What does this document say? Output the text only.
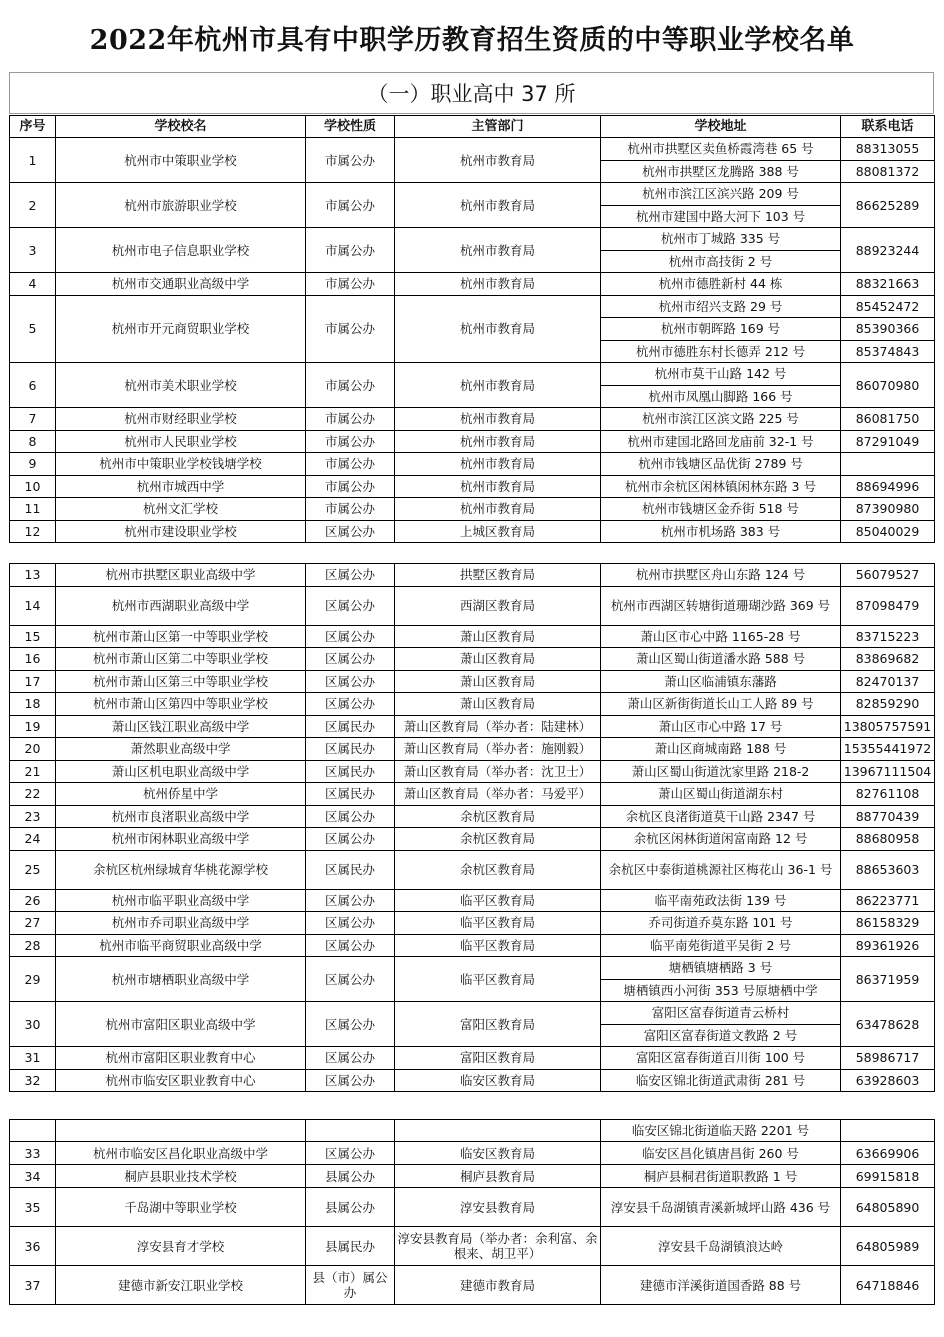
2022年杭州市具有中职学历教育招生资质的中等职业学校名单
（一）职业高中 37 所
序号	学校校名	学校性质	主管部门	学校地址	联系电话
1	杭州市中策职业学校	市属公办	杭州市教育局	杭州市拱墅区卖鱼桥霞湾巷 65 号	88313055
				杭州市拱墅区龙腾路 388 号	88081372
2	杭州市旅游职业学校	市属公办	杭州市教育局	杭州市滨江区滨兴路 209 号	86625289
				杭州市建国中路大河下 103 号	
3	杭州市电子信息职业学校	市属公办	杭州市教育局	杭州市丁城路 335 号	88923244
				杭州市高技街 2 号	
4	杭州市交通职业高级中学	市属公办	杭州市教育局	杭州市德胜新村 44 栋	88321663
5	杭州市开元商贸职业学校	市属公办	杭州市教育局	杭州市绍兴支路 29 号	85452472
				杭州市朝晖路 169 号	85390366
				杭州市德胜东村长德弄 212 号	85374843
6	杭州市美术职业学校	市属公办	杭州市教育局	杭州市莫干山路 142 号	86070980
				杭州市凤凰山脚路 166 号	
7	杭州市财经职业学校	市属公办	杭州市教育局	杭州市滨江区滨文路 225 号	86081750
8	杭州市人民职业学校	市属公办	杭州市教育局	杭州市建国北路回龙庙前 32-1 号	87291049
9	杭州市中策职业学校钱塘学校	市属公办	杭州市教育局	杭州市钱塘区品优街 2789 号	
10	杭州市城西中学	市属公办	杭州市教育局	杭州市余杭区闲林镇闲林东路 3 号	88694996
11	杭州文汇学校	市属公办	杭州市教育局	杭州市钱塘区金乔街 518 号	87390980
12	杭州市建设职业学校	区属公办	上城区教育局	杭州市机场路 383 号	85040029
13	杭州市拱墅区职业高级中学	区属公办	拱墅区教育局	杭州市拱墅区舟山东路 124 号	56079527
14	杭州市西湖职业高级中学	区属公办	西湖区教育局	杭州市西湖区转塘街道珊瑚沙路 369 号	87098479
15	杭州市萧山区第一中等职业学校	区属公办	萧山区教育局	萧山区市心中路 1165-28 号	83715223
16	杭州市萧山区第二中等职业学校	区属公办	萧山区教育局	萧山区蜀山街道潘水路 588 号	83869682
17	杭州市萧山区第三中等职业学校	区属公办	萧山区教育局	萧山区临浦镇东藩路	82470137
18	杭州市萧山区第四中等职业学校	区属公办	萧山区教育局	萧山区新街街道长山工人路 89 号	82859290
19	萧山区钱江职业高级中学	区属民办	萧山区教育局（举办者：陆建林）	萧山区市心中路 17 号	13805757591
20	萧然职业高级中学	区属民办	萧山区教育局（举办者：施刚毅）	萧山区商城南路 188 号	15355441972
21	萧山区机电职业高级中学	区属民办	萧山区教育局（举办者：沈卫士）	萧山区蜀山街道沈家里路 218-2	13967111504
22	杭州侨星中学	区属民办	萧山区教育局（举办者：马爱平）	萧山区蜀山街道湖东村	82761108
23	杭州市良渚职业高级中学	区属公办	余杭区教育局	余杭区良渚街道莫干山路 2347 号	88770439
24	杭州市闲林职业高级中学	区属公办	余杭区教育局	余杭区闲林街道闲富南路 12 号	88680958
25	余杭区杭州绿城育华桃花源学校	区属民办	余杭区教育局	余杭区中泰街道桃源社区梅花山 36-1 号	88653603
26	杭州市临平职业高级中学	区属公办	临平区教育局	临平南苑政法街 139 号	86223771
27	杭州市乔司职业高级中学	区属公办	临平区教育局	乔司街道乔莫东路 101 号	86158329
28	杭州市临平商贸职业高级中学	区属公办	临平区教育局	临平南苑街道平吴街 2 号	89361926
29	杭州市塘栖职业高级中学	区属公办	临平区教育局	塘栖镇塘栖路 3 号	86371959
				塘栖镇西小河街 353 号原塘栖中学	
30	杭州市富阳区职业高级中学	区属公办	富阳区教育局	富阳区富春街道青云桥村	63478628
				富阳区富春街道文教路 2 号	
31	杭州市富阳区职业教育中心	区属公办	富阳区教育局	富阳区富春街道百川街 100 号	58986717
32	杭州市临安区职业教育中心	区属公办	临安区教育局	临安区锦北街道武肃街 281 号	63928603
				临安区锦北街道临天路 2201 号	
33	杭州市临安区昌化职业高级中学	区属公办	临安区教育局	临安区昌化镇唐昌街 260 号	63669906
34	桐庐县职业技术学校	县属公办	桐庐县教育局	桐庐县桐君街道职教路 1 号	69915818
35	千岛湖中等职业学校	县属公办	淳安县教育局	淳安县千岛湖镇青溪新城坪山路 436 号	64805890
36	淳安县育才学校	县属民办	淳安县教育局（举办者：余利富、余根来、胡卫平）	淳安县千岛湖镇浪达岭	64805989
37	建德市新安江职业学校	县（市）属公办	建德市教育局	建德市洋溪街道国香路 88 号	64718846
